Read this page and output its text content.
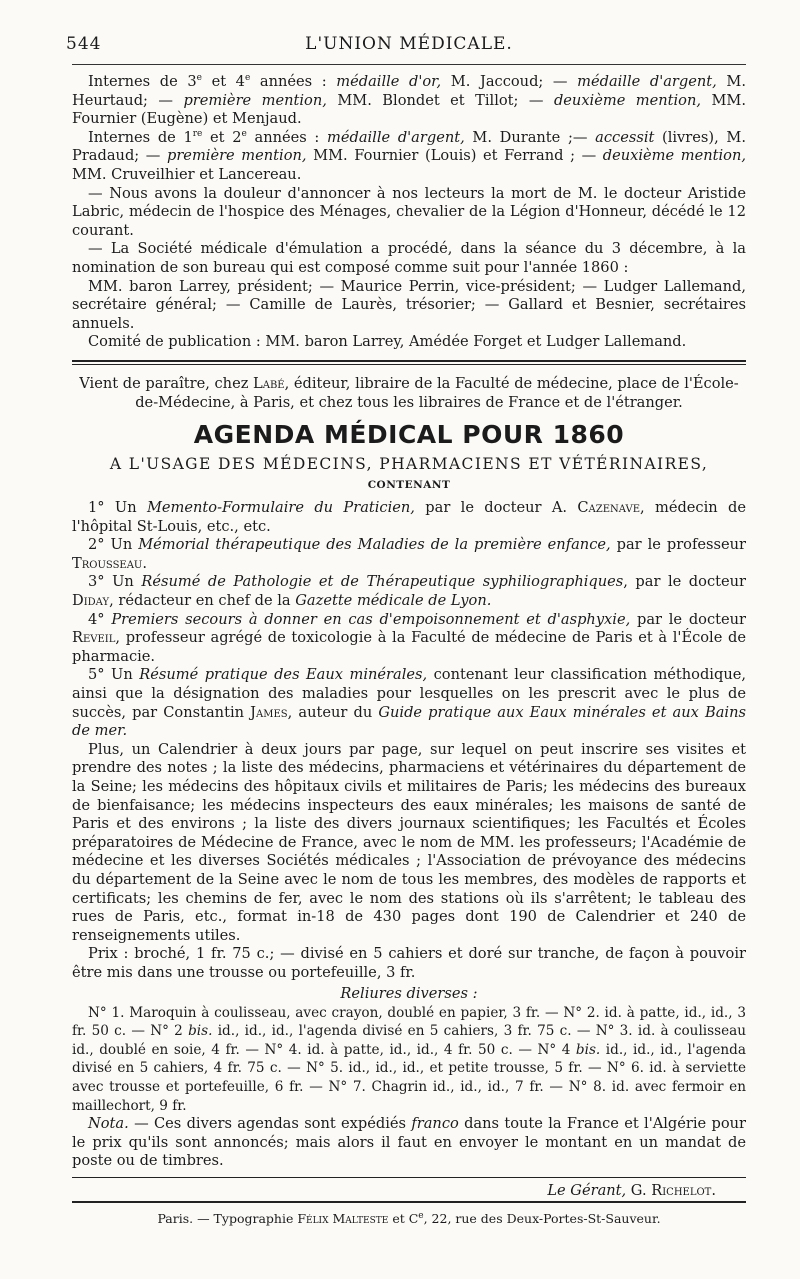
544	L'UNION MÉDICALE.

Internes de 3e et 4e années : médaille d'or, M. Jaccoud; — médaille d'argent, M. Heurtaud; — première mention, MM. Blondet et Tillot; — deuxième mention, MM. Fournier (Eugène) et Menjaud.

Internes de 1re et 2e années : médaille d'argent, M. Durante ;— accessit (livres), M. Pradaud; — première mention, MM. Fournier (Louis) et Ferrand ; — deuxième mention, MM. Cruveilhier et Lancereau.

— Nous avons la douleur d'annoncer à nos lecteurs la mort de M. le docteur Aristide Labric, médecin de l'hospice des Ménages, chevalier de la Légion d'Honneur, décédé le 12 courant.

— La Société médicale d'émulation a procédé, dans la séance du 3 décembre, à la nomination de son bureau qui est composé comme suit pour l'année 1860 :

MM. baron Larrey, président; — Maurice Perrin, vice-président; — Ludger Lallemand, secrétaire général; — Camille de Laurès, trésorier; — Gallard et Besnier, secrétaires annuels.

Comité de publication : MM. baron Larrey, Amédée Forget et Ludger Lallemand.

Vient de paraître, chez Labé, éditeur, libraire de la Faculté de médecine, place de l'École-de-Médecine, à Paris, et chez tous les libraires de France et de l'étranger.

AGENDA MÉDICAL POUR 1860
A L'USAGE DES MÉDECINS, PHARMACIENS ET VÉTÉRINAIRES,
CONTENANT

1° Un Memento-Formulaire du Praticien, par le docteur A. Cazenave, médecin de l'hôpital St-Louis, etc., etc.

2° Un Mémorial thérapeutique des Maladies de la première enfance, par le professeur Trousseau.

3° Un Résumé de Pathologie et de Thérapeutique syphiliographiques, par le docteur Diday, rédacteur en chef de la Gazette médicale de Lyon.

4° Premiers secours à donner en cas d'empoisonnement et d'asphyxie, par le docteur Reveil, professeur agrégé de toxicologie à la Faculté de médecine de Paris et à l'École de pharmacie.

5° Un Résumé pratique des Eaux minérales, contenant leur classification méthodique, ainsi que la désignation des maladies pour lesquelles on les prescrit avec le plus de succès, par Constantin James, auteur du Guide pratique aux Eaux minérales et aux Bains de mer.

Plus, un Calendrier à deux jours par page, sur lequel on peut inscrire ses visites et prendre des notes ; la liste des médecins, pharmaciens et vétérinaires du département de la Seine; les médecins des hôpitaux civils et militaires de Paris; les médecins des bureaux de bienfaisance; les médecins inspecteurs des eaux minérales; les maisons de santé de Paris et des environs ; la liste des divers journaux scientifiques; les Facultés et Écoles préparatoires de Médecine de France, avec le nom de MM. les professeurs; l'Académie de médecine et les diverses Sociétés médicales ; l'Association de prévoyance des médecins du département de la Seine avec le nom de tous les membres, des modèles de rapports et certificats; les chemins de fer, avec le nom des stations où ils s'arrêtent; le tableau des rues de Paris, etc., format in-18 de 430 pages dont 190 de Calendrier et 240 de renseignements utiles.

Prix : broché, 1 fr. 75 c.; — divisé en 5 cahiers et doré sur tranche, de façon à pouvoir être mis dans une trousse ou portefeuille, 3 fr.

Reliures diverses :

N° 1. Maroquin à coulisseau, avec crayon, doublé en papier, 3 fr. — N° 2. id. à patte, id., id., 3 fr. 50 c. — N° 2 bis. id., id., id., l'agenda divisé en 5 cahiers, 3 fr. 75 c. — N° 3. id. à coulisseau id., doublé en soie, 4 fr. — N° 4. id. à patte, id., id., 4 fr. 50 c. — N° 4 bis. id., id., id., l'agenda divisé en 5 cahiers, 4 fr. 75 c. — N° 5. id., id., id., et petite trousse, 5 fr. — N° 6. id. à serviette avec trousse et portefeuille, 6 fr. — N° 7. Chagrin id., id., id., 7 fr. — N° 8. id. avec fermoir en maillechort, 9 fr.

Nota. — Ces divers agendas sont expédiés franco dans toute la France et l'Algérie pour le prix qu'ils sont annoncés; mais alors il faut en envoyer le montant en un mandat de poste ou de timbres.

Le Gérant, G. Richelot.
Paris. — Typographie Félix Malteste et Ce, 22, rue des Deux-Portes-St-Sauveur.
